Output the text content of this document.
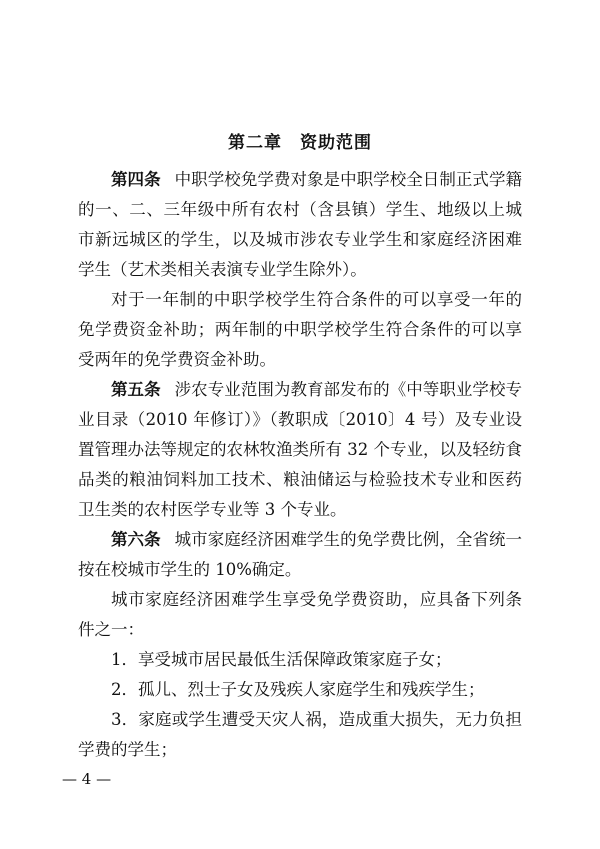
第二章　资助范围

第四条 中职学校免学费对象是中职学校全日制正式学籍的一、二、三年级中所有农村（含县镇）学生、地级以上城市新远城区的学生，以及城市涉农专业学生和家庭经济困难学生（艺术类相关表演专业学生除外）。

对于一年制的中职学校学生符合条件的可以享受一年的免学费资金补助；两年制的中职学校学生符合条件的可以享受两年的免学费资金补助。

第五条 涉农专业范围为教育部发布的《中等职业学校专业目录（2010 年修订）》（教职成〔2010〕4 号）及专业设置管理办法等规定的农林牧渔类所有 32 个专业，以及轻纺食品类的粮油饲料加工技术、粮油储运与检验技术专业和医药卫生类的农村医学专业等 3 个专业。

第六条 城市家庭经济困难学生的免学费比例，全省统一按在校城市学生的 10%确定。

城市家庭经济困难学生享受免学费资助，应具备下列条件之一：

1．享受城市居民最低生活保障政策家庭子女；

2．孤儿、烈士子女及残疾人家庭学生和残疾学生；

3．家庭或学生遭受天灾人祸，造成重大损失，无力负担学费的学生；

— 4 —
